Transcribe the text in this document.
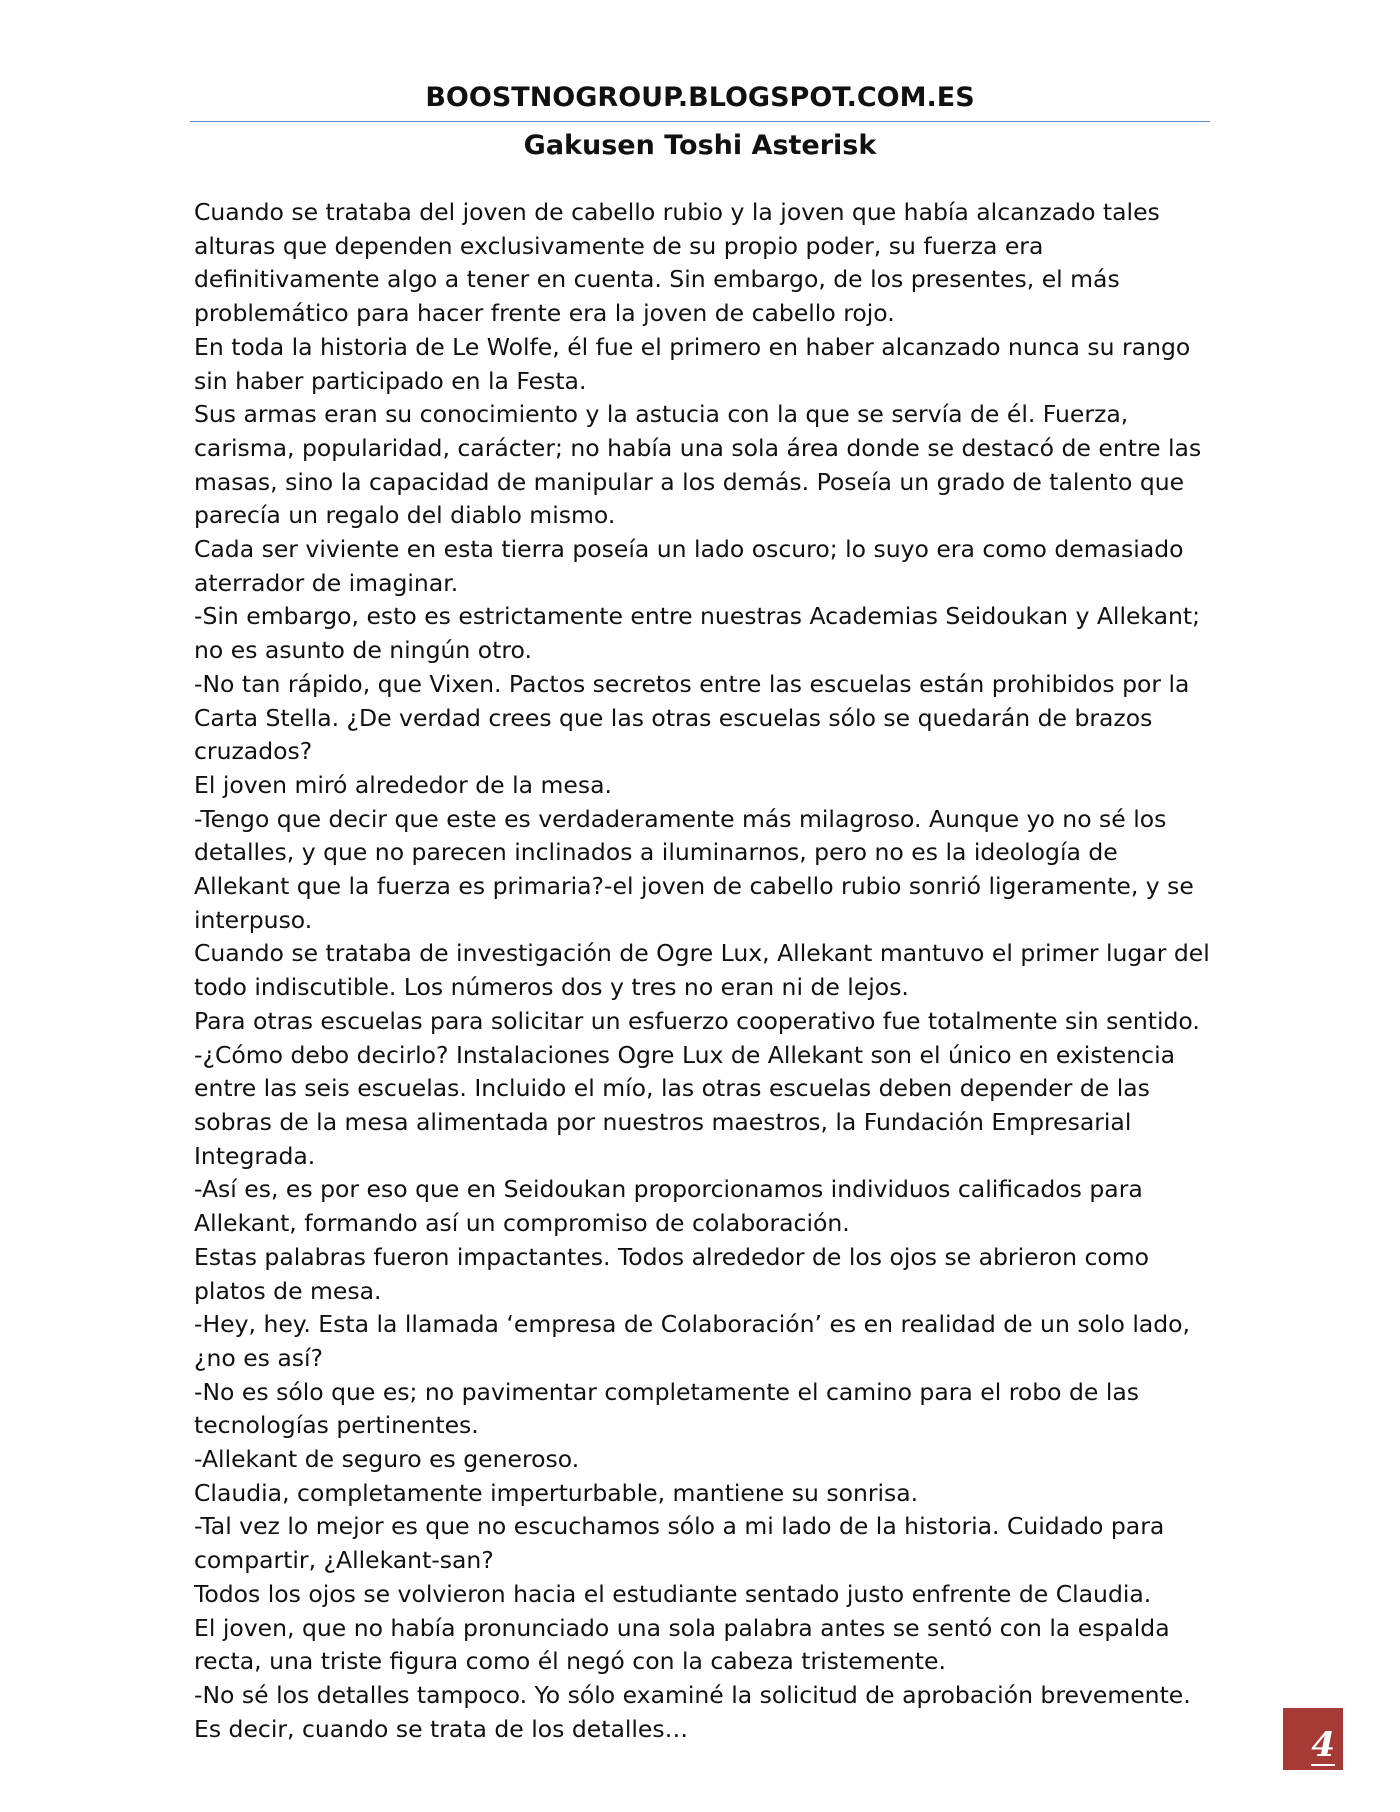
BOOSTNOGROUP.BLOGSPOT.COM.ES
Gakusen Toshi Asterisk

Cuando se trataba del joven de cabello rubio y la joven que había alcanzado tales alturas que dependen exclusivamente de su propio poder, su fuerza era definitivamente algo a tener en cuenta. Sin embargo, de los presentes, el más problemático para hacer frente era la joven de cabello rojo.

En toda la historia de Le Wolfe, él fue el primero en haber alcanzado nunca su rango sin haber participado en la Festa.

Sus armas eran su conocimiento y la astucia con la que se servía de él. Fuerza, carisma, popularidad, carácter; no había una sola área donde se destacó de entre las masas, sino la capacidad de manipular a los demás. Poseía un grado de talento que parecía un regalo del diablo mismo.

Cada ser viviente en esta tierra poseía un lado oscuro; lo suyo era como demasiado aterrador de imaginar.

-Sin embargo, esto es estrictamente entre nuestras Academias Seidoukan y Allekant; no es asunto de ningún otro.

-No tan rápido, que Vixen. Pactos secretos entre las escuelas están prohibidos por la Carta Stella. ¿De verdad crees que las otras escuelas sólo se quedarán de brazos cruzados?

El joven miró alrededor de la mesa.

-Tengo que decir que este es verdaderamente más milagroso. Aunque yo no sé los detalles, y que no parecen inclinados a iluminarnos, pero no es la ideología de Allekant que la fuerza es primaria?-el joven de cabello rubio sonrió ligeramente, y se interpuso.

Cuando se trataba de investigación de Ogre Lux, Allekant mantuvo el primer lugar del todo indiscutible. Los números dos y tres no eran ni de lejos.

Para otras escuelas para solicitar un esfuerzo cooperativo fue totalmente sin sentido.

-¿Cómo debo decirlo? Instalaciones Ogre Lux de Allekant son el único en existencia entre las seis escuelas. Incluido el mío, las otras escuelas deben depender de las sobras de la mesa alimentada por nuestros maestros, la Fundación Empresarial Integrada.

-Así es, es por eso que en Seidoukan proporcionamos individuos calificados para Allekant, formando así un compromiso de colaboración.

Estas palabras fueron impactantes. Todos alrededor de los ojos se abrieron como platos de mesa.

-Hey, hey. Esta la llamada ‘empresa de Colaboración’ es en realidad de un solo lado, ¿no es así?

-No es sólo que es; no pavimentar completamente el camino para el robo de las tecnologías pertinentes.

-Allekant de seguro es generoso.

Claudia, completamente imperturbable, mantiene su sonrisa.

-Tal vez lo mejor es que no escuchamos sólo a mi lado de la historia. Cuidado para compartir, ¿Allekant-san?

Todos los ojos se volvieron hacia el estudiante sentado justo enfrente de Claudia.

El joven, que no había pronunciado una sola palabra antes se sentó con la espalda recta, una triste figura como él negó con la cabeza tristemente.

-No sé los detalles tampoco. Yo sólo examiné la solicitud de aprobación brevemente. Es decir, cuando se trata de los detalles…	4
